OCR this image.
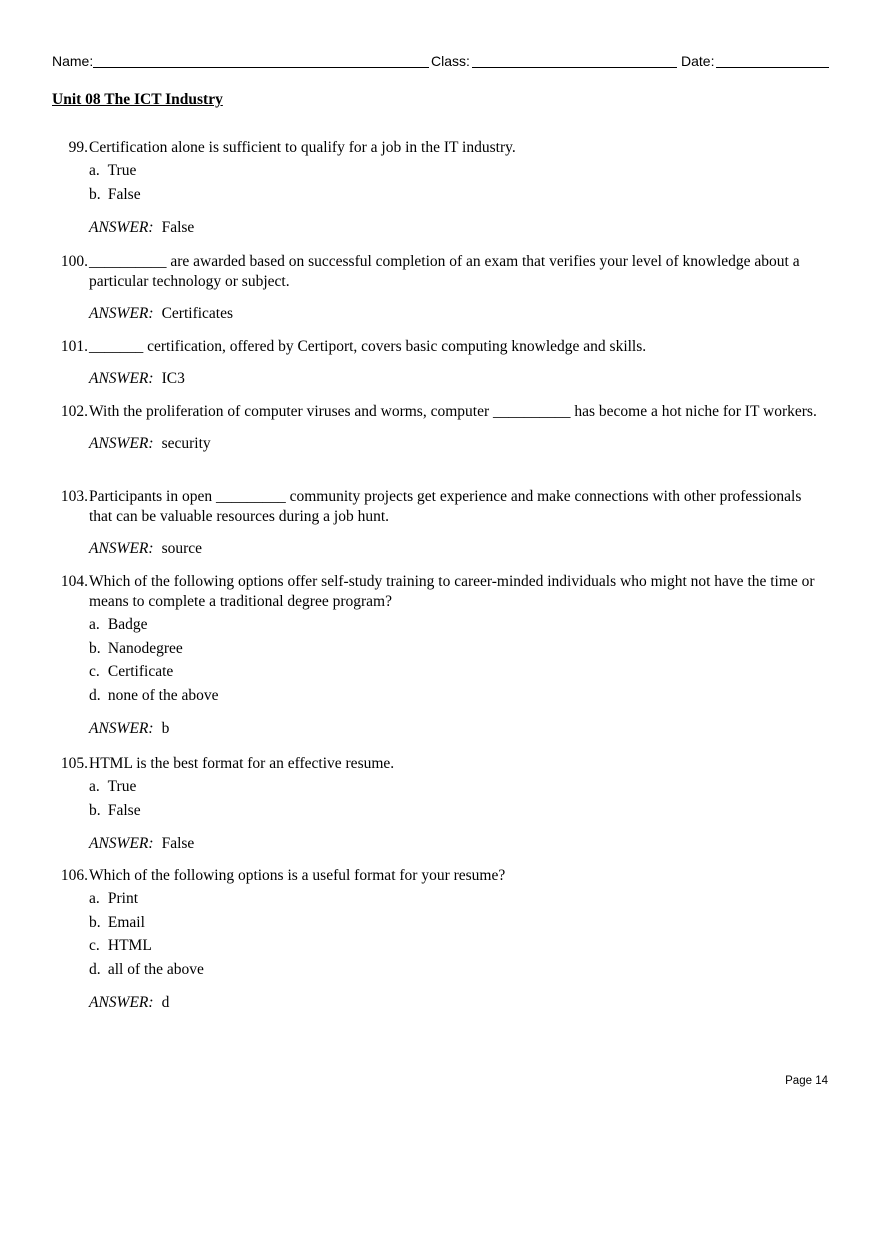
Name:	Class:	Date:
Unit 08 The ICT Industry
99. Certification alone is sufficient to qualify for a job in the IT industry.
a. True
b. False
ANSWER: False
100. __________ are awarded based on successful completion of an exam that verifies your level of knowledge about a particular technology or subject.
ANSWER: Certificates
101. _______ certification, offered by Certiport, covers basic computing knowledge and skills.
ANSWER: IC3
102. With the proliferation of computer viruses and worms, computer __________ has become a hot niche for IT workers.
ANSWER: security
103. Participants in open _________ community projects get experience and make connections with other professionals that can be valuable resources during a job hunt.
ANSWER: source
104. Which of the following options offer self-study training to career-minded individuals who might not have the time or means to complete a traditional degree program?
a. Badge
b. Nanodegree
c. Certificate
d. none of the above
ANSWER: b
105. HTML is the best format for an effective resume.
a. True
b. False
ANSWER: False
106. Which of the following options is a useful format for your resume?
a. Print
b. Email
c. HTML
d. all of the above
ANSWER: d
Page 14
